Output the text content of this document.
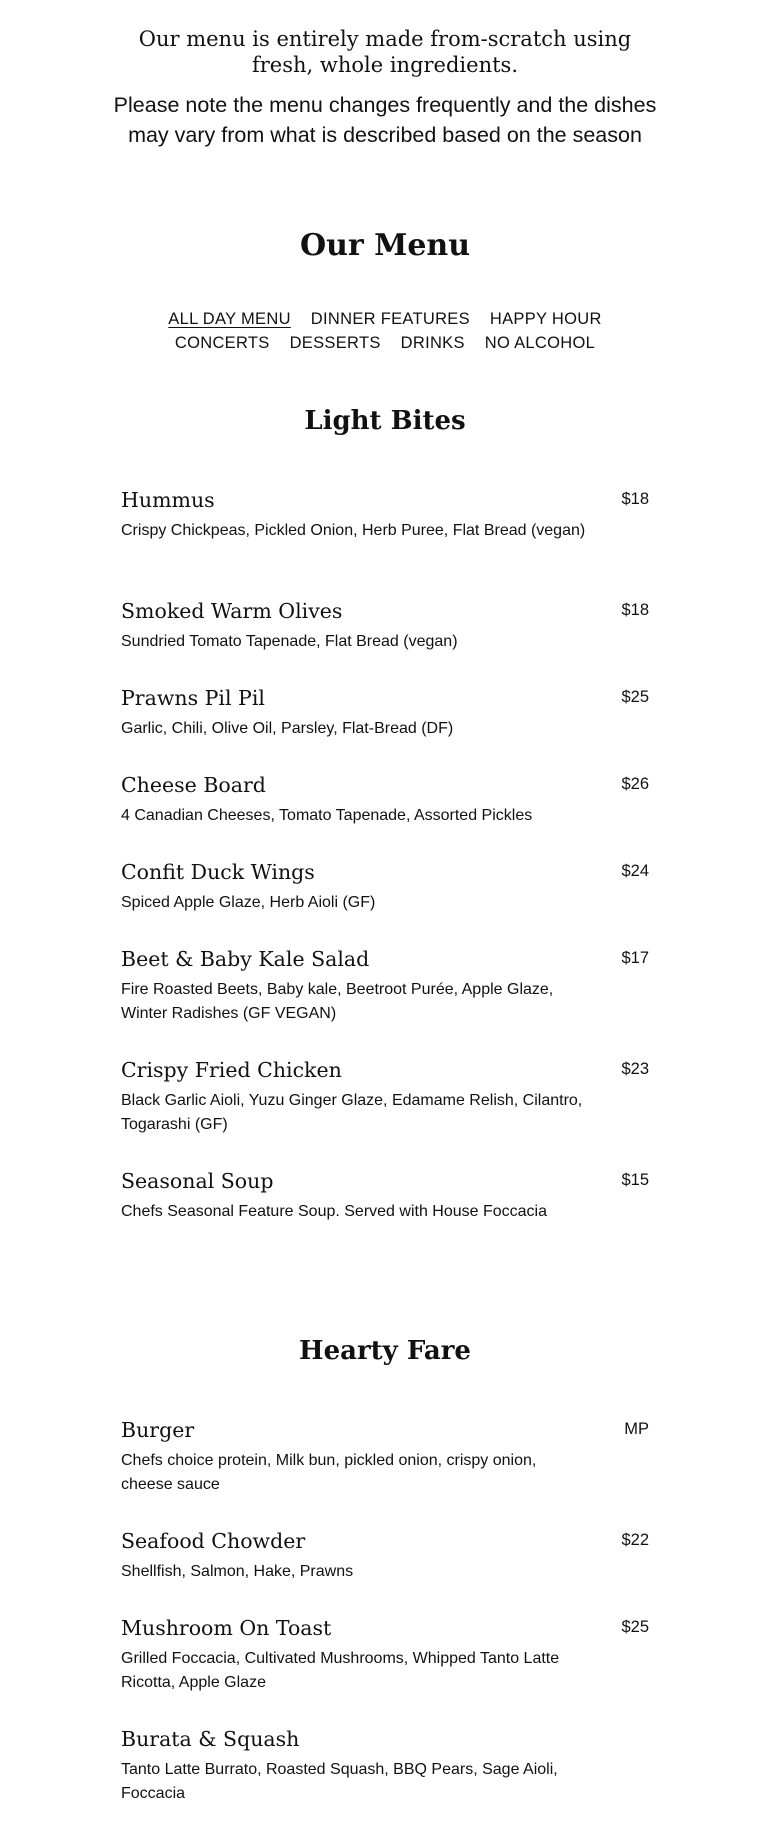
Our menu is entirely made from-scratch using fresh, whole ingredients.

Please note the menu changes frequently and the dishes may vary from what is described based on the season

Our Menu
ALL DAY MENU DINNER FEATURES HAPPY HOUR
CONCERTS DESSERTS DRINKS NO ALCOHOL
Light Bites
Hummus	$18
Crispy Chickpeas, Pickled Onion, Herb Puree, Flat Bread (vegan)
Smoked Warm Olives	$18
Sundried Tomato Tapenade, Flat Bread (vegan)
Prawns Pil Pil	$25
Garlic, Chili, Olive Oil, Parsley, Flat-Bread (DF)
Cheese Board	$26
4 Canadian Cheeses, Tomato Tapenade, Assorted Pickles
Confit Duck Wings	$24
Spiced Apple Glaze, Herb Aioli (GF)
Beet & Baby Kale Salad	$17
Fire Roasted Beets, Baby kale, Beetroot Purée, Apple Glaze, Winter Radishes (GF VEGAN)
Crispy Fried Chicken	$23
Black Garlic Aioli, Yuzu Ginger Glaze, Edamame Relish, Cilantro, Togarashi (GF)
Seasonal Soup	$15
Chefs Seasonal Feature Soup. Served with House Foccacia
Hearty Fare
Burger	MP
Chefs choice protein, Milk bun, pickled onion, crispy onion, cheese sauce
Seafood Chowder	$22
Shellfish, Salmon, Hake, Prawns
Mushroom On Toast	$25
Grilled Foccacia, Cultivated Mushrooms, Whipped Tanto Latte Ricotta, Apple Glaze
Burata & Squash
Tanto Latte Burrato, Roasted Squash, BBQ Pears, Sage Aioli, Foccacia
